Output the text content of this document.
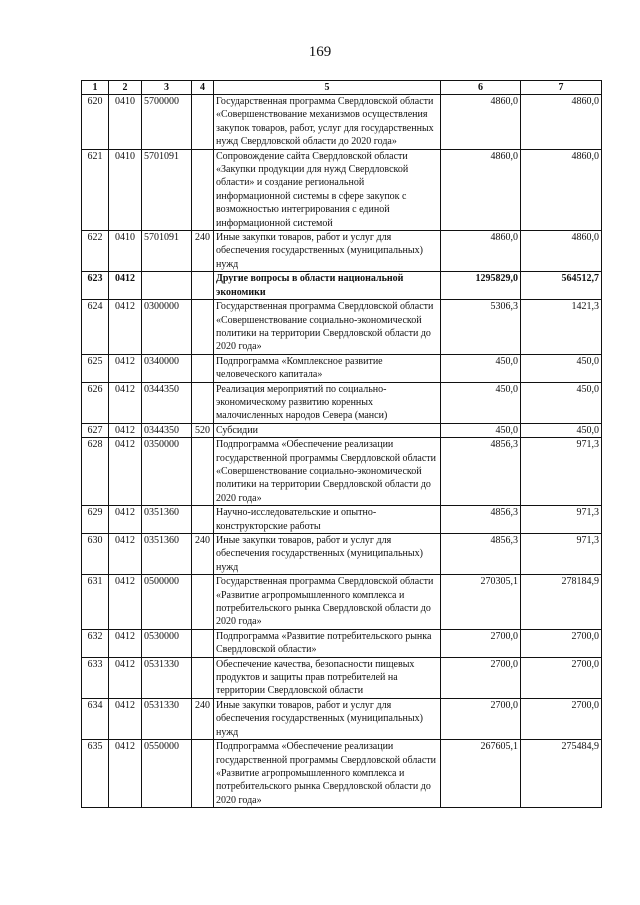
169
1	2	3	4	5	6	7
620	0410	5700000		Государственная программа Свердловской области «Совершенствование механизмов осуществления закупок товаров, работ, услуг для государственных нужд Свердловской области до 2020 года»	4860,0	4860,0
621	0410	5701091		Сопровождение сайта Свердловской области «Закупки продукции для нужд Свердловской области» и создание региональной информационной системы в сфере закупок с возможностью интегрирования с единой информационной системой	4860,0	4860,0
622	0410	5701091	240	Иные закупки товаров, работ и услуг для обеспечения государственных (муниципальных) нужд	4860,0	4860,0
623	0412			Другие вопросы в области национальной экономики	1295829,0	564512,7
624	0412	0300000		Государственная программа Свердловской области «Совершенствование социально-экономической политики на территории Свердловской области до 2020 года»	5306,3	1421,3
625	0412	0340000		Подпрограмма «Комплексное развитие человеческого капитала»	450,0	450,0
626	0412	0344350		Реализация мероприятий по социально-экономическому развитию коренных малочисленных народов Севера (манси)	450,0	450,0
627	0412	0344350	520	Субсидии	450,0	450,0
628	0412	0350000		Подпрограмма «Обеспечение реализации государственной программы Свердловской области «Совершенствование социально-экономической политики на территории Свердловской области до 2020 года»	4856,3	971,3
629	0412	0351360		Научно-исследовательские и опытно-конструкторские работы	4856,3	971,3
630	0412	0351360	240	Иные закупки товаров, работ и услуг для обеспечения государственных (муниципальных) нужд	4856,3	971,3
631	0412	0500000		Государственная программа Свердловской области «Развитие агропромышленного комплекса и потребительского рынка Свердловской области до 2020 года»	270305,1	278184,9
632	0412	0530000		Подпрограмма «Развитие потребительского рынка Свердловской области»	2700,0	2700,0
633	0412	0531330		Обеспечение качества, безопасности пищевых продуктов и защиты прав потребителей на территории Свердловской области	2700,0	2700,0
634	0412	0531330	240	Иные закупки товаров, работ и услуг для обеспечения государственных (муниципальных) нужд	2700,0	2700,0
635	0412	0550000		Подпрограмма «Обеспечение реализации государственной программы Свердловской области «Развитие агропромышленного комплекса и потребительского рынка Свердловской области до 2020 года»	267605,1	275484,9
